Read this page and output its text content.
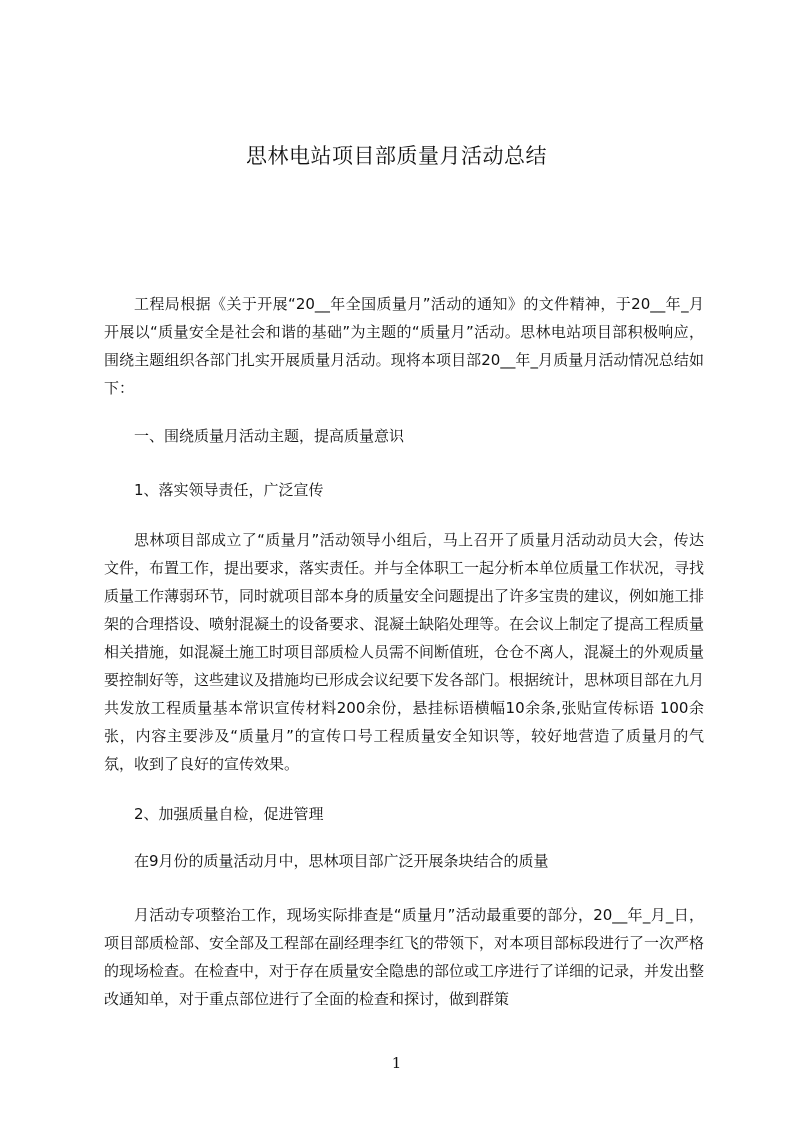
思林电站项目部质量月活动总结

工程局根据《关于开展“20__年全国质量月”活动的通知》的文件精神，于20__年_月开展以“质量安全是社会和谐的基础”为主题的“质量月”活动。思林电站项目部积极响应，围绕主题组织各部门扎实开展质量月活动。现将本项目部20__年_月质量月活动情况总结如下：

一、围绕质量月活动主题，提高质量意识

1、落实领导责任，广泛宣传

思林项目部成立了“质量月”活动领导小组后，马上召开了质量月活动动员大会，传达文件，布置工作，提出要求，落实责任。并与全体职工一起分析本单位质量工作状况，寻找质量工作薄弱环节，同时就项目部本身的质量安全问题提出了许多宝贵的建议，例如施工排架的合理搭设、喷射混凝土的设备要求、混凝土缺陷处理等。在会议上制定了提高工程质量相关措施，如混凝土施工时项目部质检人员需不间断值班，仓仓不离人，混凝土的外观质量要控制好等，这些建议及措施均已形成会议纪要下发各部门。根据统计，思林项目部在九月共发放工程质量基本常识宣传材料200余份，悬挂标语横幅10余条,张贴宣传标语 100余张，内容主要涉及“质量月”的宣传口号工程质量安全知识等，较好地营造了质量月的气氛，收到了良好的宣传效果。

2、加强质量自检，促进管理

在9月份的质量活动月中，思林项目部广泛开展条块结合的质量

月活动专项整治工作，现场实际排查是“质量月”活动最重要的部分，20__年_月_日，项目部质检部、安全部及工程部在副经理李红飞的带领下，对本项目部标段进行了一次严格的现场检查。在检查中，对于存在质量安全隐患的部位或工序进行了详细的记录，并发出整改通知单，对于重点部位进行了全面的检查和探讨，做到群策

1
